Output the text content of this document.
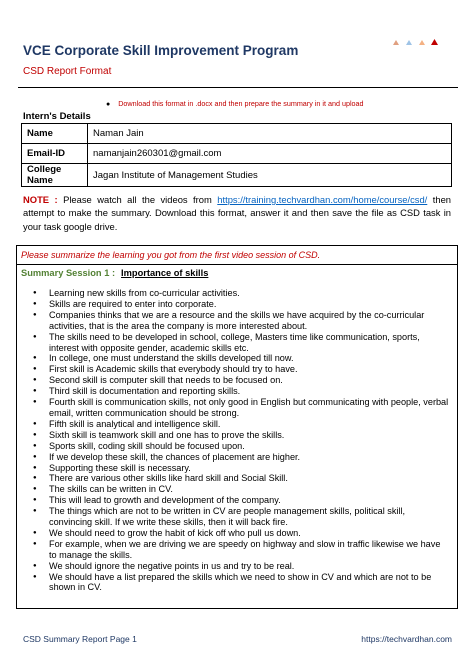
VCE Corporate Skill Improvement Program
CSD Report Format
● Download this format in .docx and then prepare the summary in it and upload
Intern's Details
Name	Naman Jain
Email-ID	namanjain260301@gmail.com
College Name	Jagan Institute of Management Studies
NOTE : Please watch all the videos from https://training.techvardhan.com/home/course/csd/ then attempt to make the summary. Download this format, answer it and then save the file as CSD task in your task google drive.
Please summarize the learning you got from the first video session of CSD.
Summary Session 1 : Importance of skills
● Learning new skills from co-curricular activities.
● Skills are required to enter into corporate.
● Companies thinks that we are a resource and the skills we have acquired by the co-curricular activities, that is the area the company is more interested about.
● The skills need to be developed in school, college, Masters time like communication, sports, interest with opposite gender, academic skills etc.
● In college, one must understand the skills developed till now.
● First skill is Academic skills that everybody should try to have.
● Second skill is computer skill that needs to be focused on.
● Third skill is documentation and reporting skills.
● Fourth skill is communication skills, not only good in English but communicating with people, verbal email, written communication should be strong.
● Fifth skill is analytical and intelligence skill.
● Sixth skill is teamwork skill and one has to prove the skills.
● Sports skill, coding skill should be focused upon.
● If we develop these skill, the chances of placement are higher.
● Supporting these skill is necessary.
● There are various other skills like hard skill and Social Skill.
● The skills can be written in CV.
● This will lead to growth and development of the company.
● The things which are not to be written in CV are people management skills, political skill, convincing skill. If we write these skills, then it will back fire.
● We should need to grow the habit of kick off who pull us down.
● For example, when we are driving we are speedy on highway and slow in traffic likewise we have to manage the skills.
● We should ignore the negative points in us and try to be real.
● We should have a list prepared the skills which we need to show in CV and which are not to be shown in CV.
CSD Summary Report Page 1	https://techvardhan.com
